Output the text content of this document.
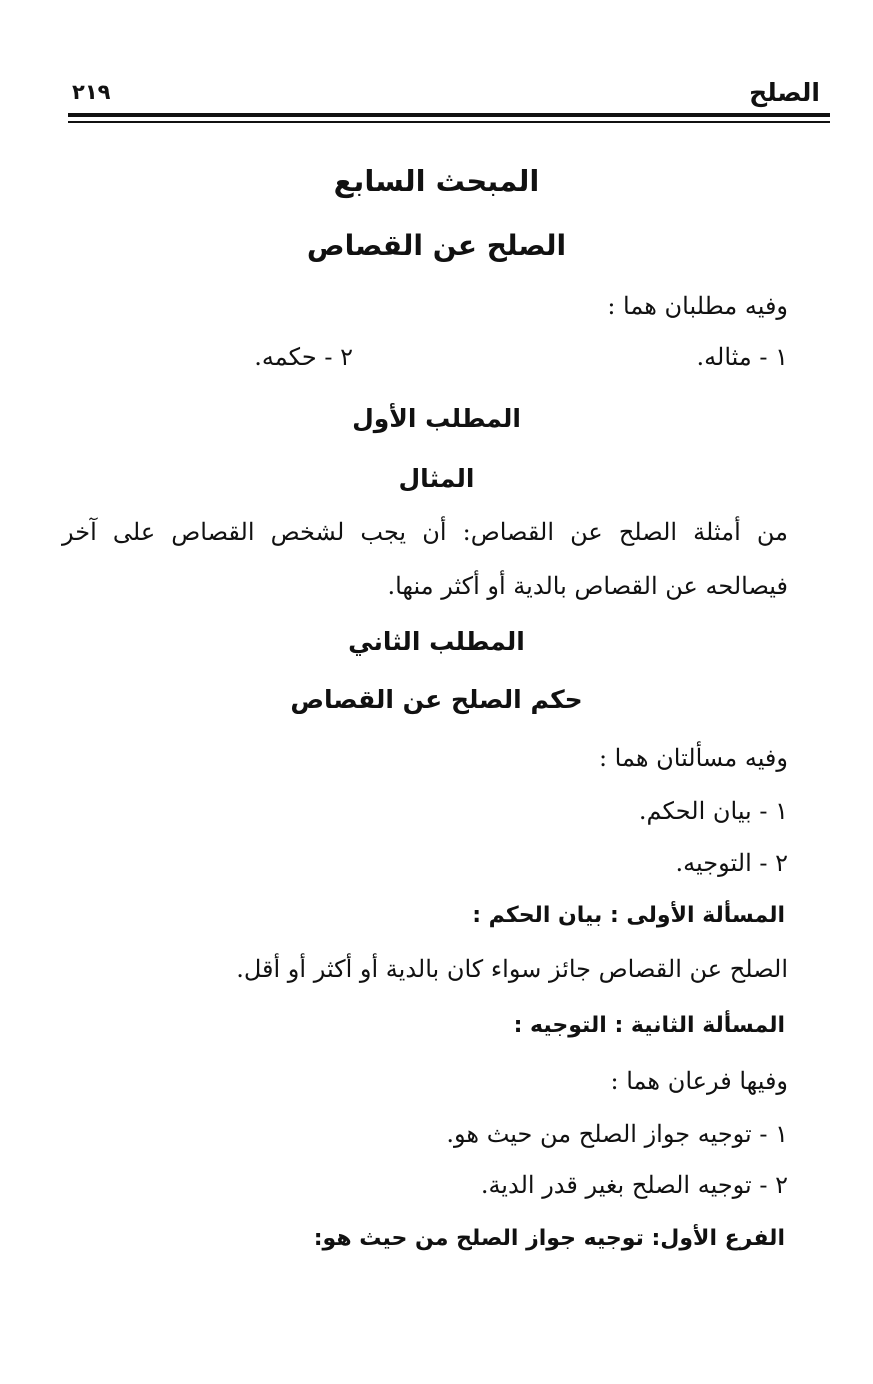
الصلح
٢١٩
المبحث السابع
الصلح عن القصاص
وفيه مطلبان هما :
١ - مثاله.
٢ - حكمه.
المطلب الأول
المثال
من أمثلة الصلح عن القصاص: أن يجب لشخص القصاص على آخر
فيصالحه عن القصاص بالدية أو أكثر منها.
المطلب الثاني
حكم الصلح عن القصاص
وفيه مسألتان هما :
١ - بيان الحكم.
٢ - التوجيه.
المسألة الأولى : بيان الحكم :
الصلح عن القصاص جائز سواء كان بالدية أو أكثر أو أقل.
المسألة الثانية : التوجيه :
وفيها فرعان هما :
١ - توجيه جواز الصلح من حيث هو.
٢ - توجيه الصلح بغير قدر الدية.
الفرع الأول: توجيه جواز الصلح من حيث هو:
